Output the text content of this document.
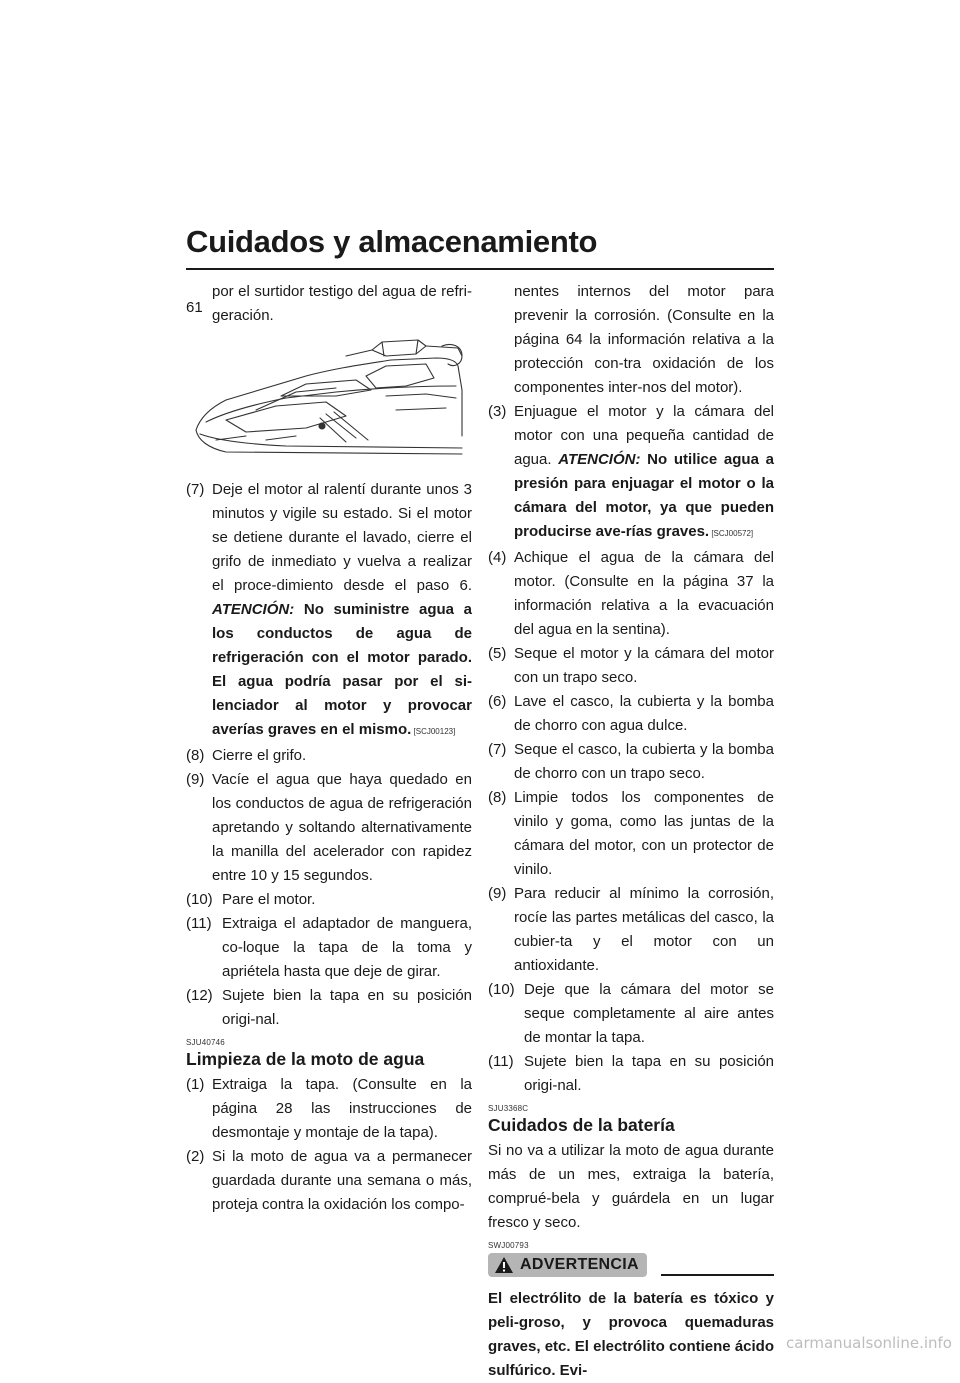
Cuidados y almacenamiento
61

por el surtidor testigo del agua de refri-geración.

(7) Deje el motor al ralentí durante unos 3 minutos y vigile su estado. Si el motor se detiene durante el lavado, cierre el grifo de inmediato y vuelva a realizar el proce-dimiento desde el paso 6. ATENCIÓN: No suministre agua a los conductos de agua de refrigeración con el motor parado. El agua podría pasar por el si-lenciador al motor y provocar averías graves en el mismo. [SCJ00123]
(8) Cierre el grifo.
(9) Vacíe el agua que haya quedado en los conductos de agua de refrigeración apretando y soltando alternativamente la manilla del acelerador con rapidez entre 10 y 15 segundos.
(10) Pare el motor.
(11) Extraiga el adaptador de manguera, co-loque la tapa de la toma y apriétela hasta que deje de girar.
(12) Sujete bien la tapa en su posición origi-nal.
SJU40746
Limpieza de la moto de agua
(1) Extraiga la tapa. (Consulte en la página 28 las instrucciones de desmontaje y montaje de la tapa).
(2) Si la moto de agua va a permanecer guardada durante una semana o más, proteja contra la oxidación los compo-

nentes internos del motor para prevenir la corrosión. (Consulte en la página 64 la información relativa a la protección con-tra oxidación de los componentes inter-nos del motor).

(3) Enjuague el motor y la cámara del motor con una pequeña cantidad de agua. ATENCIÓN: No utilice agua a presión para enjuagar el motor o la cámara del motor, ya que pueden producirse ave-rías graves. [SCJ00572]
(4) Achique el agua de la cámara del motor. (Consulte en la página 37 la información relativa a la evacuación del agua en la sentina).
(5) Seque el motor y la cámara del motor con un trapo seco.
(6) Lave el casco, la cubierta y la bomba de chorro con agua dulce.
(7) Seque el casco, la cubierta y la bomba de chorro con un trapo seco.
(8) Limpie todos los componentes de vinilo y goma, como las juntas de la cámara del motor, con un protector de vinilo.
(9) Para reducir al mínimo la corrosión, rocíe las partes metálicas del casco, la cubier-ta y el motor con un antioxidante.
(10) Deje que la cámara del motor se seque completamente al aire antes de montar la tapa.
(11) Sujete bien la tapa en su posición origi-nal.
SJU3368C
Cuidados de la batería

Si no va a utilizar la moto de agua durante más de un mes, extraiga la batería, comprué-bela y guárdela en un lugar fresco y seco.

SWJ00793
ADVERTENCIA

El electrólito de la batería es tóxico y peli-groso, y provoca quemaduras graves, etc. El electrólito contiene ácido sulfúrico. Evi-

carmanualsonline.info
